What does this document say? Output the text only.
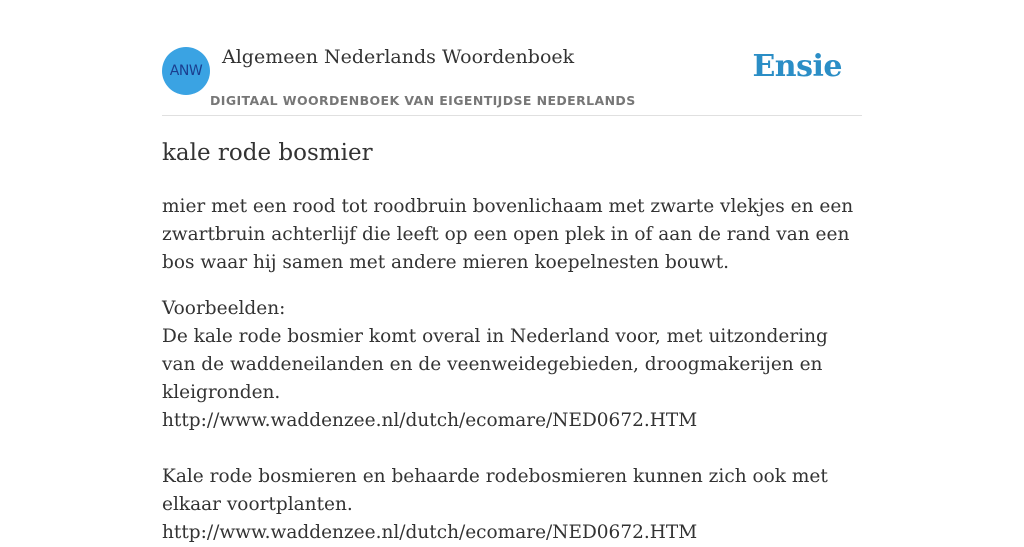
ANW
Algemeen Nederlands Woordenboek
DIGITAAL WOORDENBOEK VAN EIGENTIJDSE NEDERLANDS
Ensie
kale rode bosmier
mier met een rood tot roodbruin bovenlichaam met zwarte vlekjes en een zwartbruin achterlijf die leeft op een open plek in of aan de rand van een bos waar hij samen met andere mieren koepelnesten bouwt.

Voorbeelden:

De kale rode bosmier komt overal in Nederland voor, met uitzondering van de waddeneilanden en de veenweidegebieden, droogmakerijen en kleigronden.

http://www.waddenzee.nl/dutch/ecomare/NED0672.HTM

Kale rode bosmieren en behaarde rodebosmieren kunnen zich ook met elkaar voortplanten.

http://www.waddenzee.nl/dutch/ecomare/NED0672.HTM
